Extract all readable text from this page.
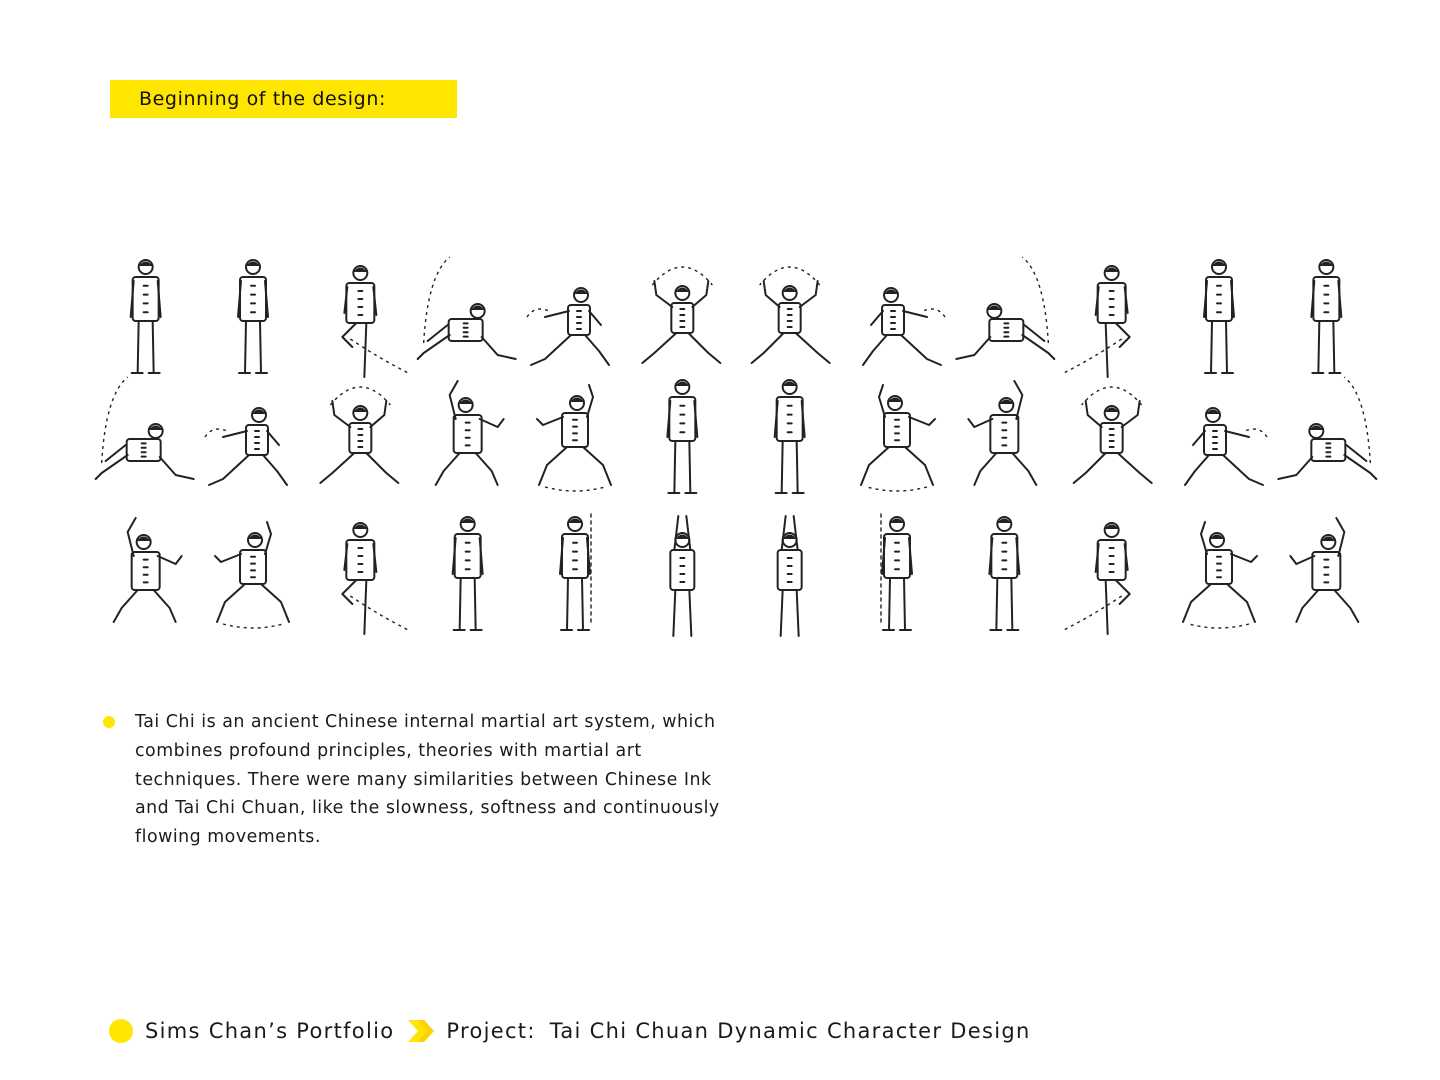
Beginning of the design:

Tai Chi is an ancient Chinese internal martial art system, which combines profound principles, theories with martial art techniques. There were many similarities between Chinese Ink and Tai Chi Chuan, like the slowness, softness and continuously flowing movements.

Sims Chan’s Portfolio Project: Tai Chi Chuan Dynamic Character Design
